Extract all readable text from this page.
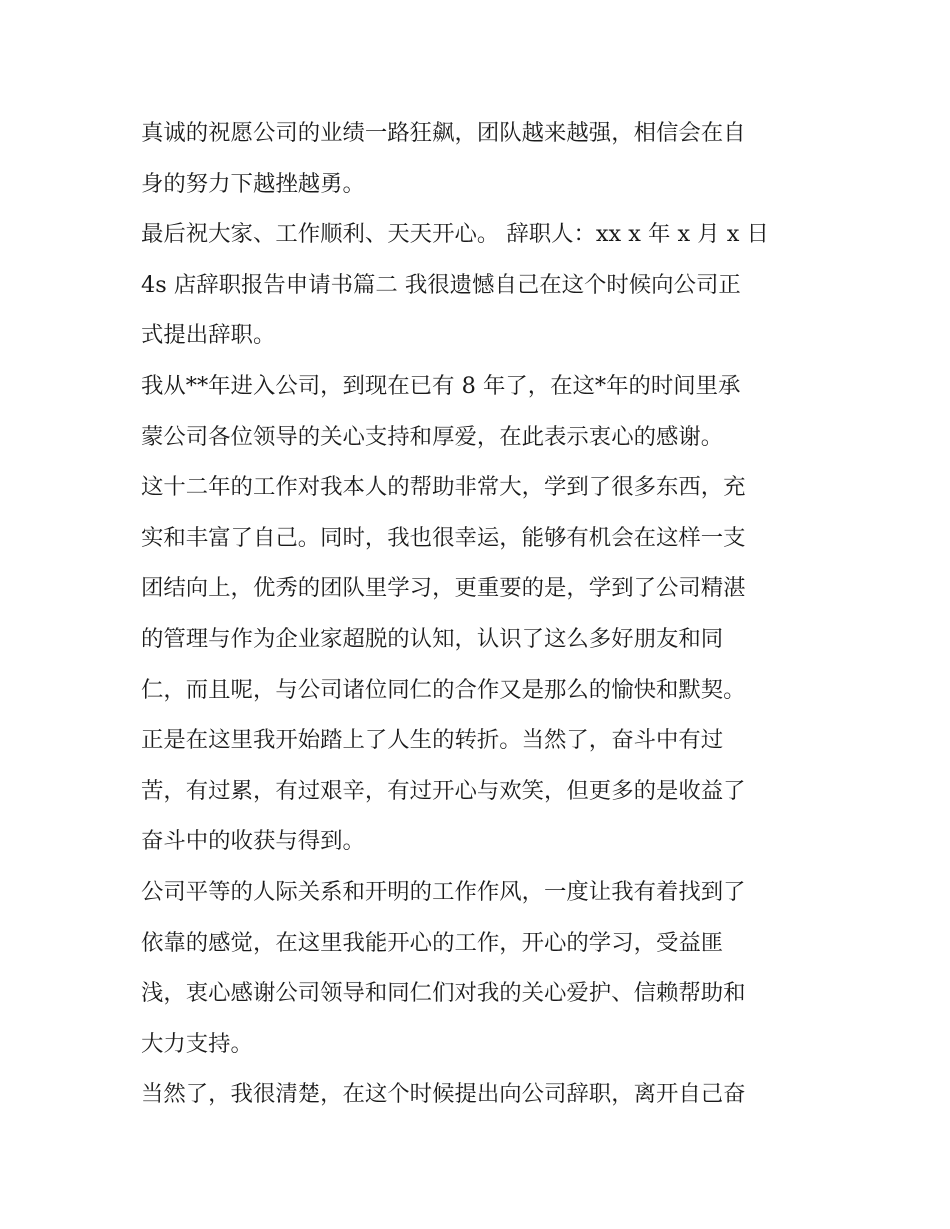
真诚的祝愿公司的业绩一路狂飙，团队越来越强，相信会在自
身的努力下越挫越勇。
最后祝大家、工作顺利、天天开心。 辞职人：xx x 年 x 月 x 日
4s 店辞职报告申请书篇二 我很遗憾自己在这个时候向公司正
式提出辞职。
我从**年进入公司，到现在已有 8 年了，在这*年的时间里承
蒙公司各位领导的关心支持和厚爱，在此表示衷心的感谢。
这十二年的工作对我本人的帮助非常大，学到了很多东西，充
实和丰富了自己。同时，我也很幸运，能够有机会在这样一支
团结向上，优秀的团队里学习，更重要的是，学到了公司精湛
的管理与作为企业家超脱的认知，认识了这么多好朋友和同
仁，而且呢，与公司诸位同仁的合作又是那么的愉快和默契。
正是在这里我开始踏上了人生的转折。当然了，奋斗中有过
苦，有过累，有过艰辛，有过开心与欢笑，但更多的是收益了
奋斗中的收获与得到。
公司平等的人际关系和开明的工作作风，一度让我有着找到了
依靠的感觉，在这里我能开心的工作，开心的学习，受益匪
浅，衷心感谢公司领导和同仁们对我的关心爱护、信赖帮助和
大力支持。
当然了，我很清楚，在这个时候提出向公司辞职，离开自己奋
